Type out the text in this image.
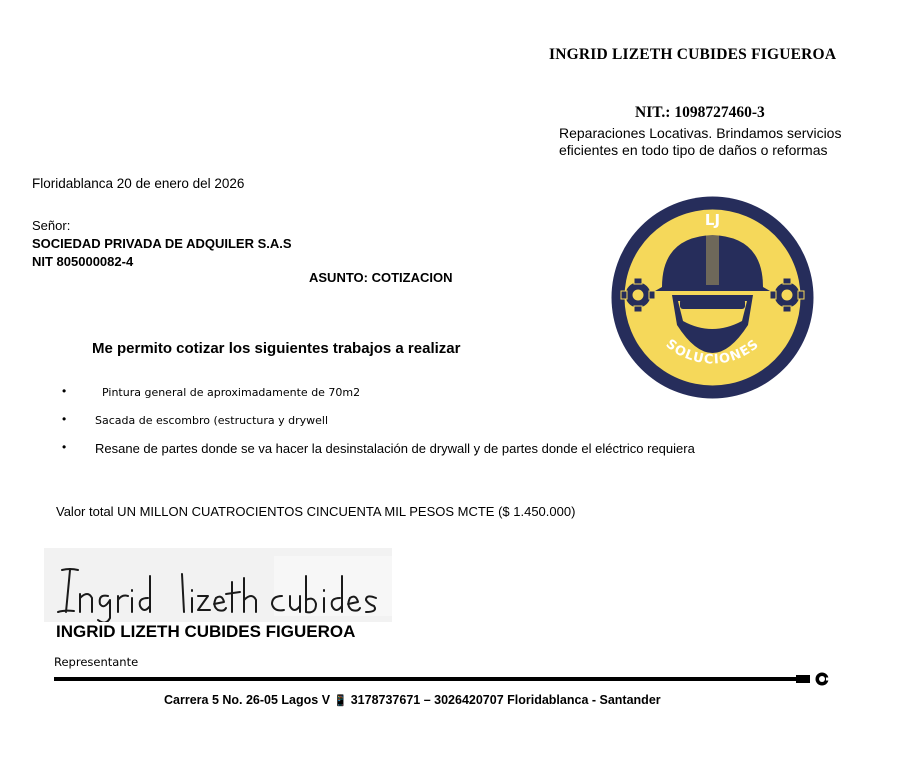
INGRID LIZETH CUBIDES FIGUEROA
NIT.: 1098727460-3
Reparaciones Locativas. Brindamos servicios eficientes en todo tipo de daños o reformas
LJ
SOLUCIONES
Floridablanca 20 de enero del 2026
Señor:
SOCIEDAD PRIVADA DE ADQUILER S.A.S
NIT 805000082-4
ASUNTO: COTIZACION
Me permito cotizar los siguientes trabajos a realizar
•
•
•
Pintura general de aproximadamente de 70m2
Sacada de escombro (estructura y drywell
Resane de partes donde se va hacer la desinstalación de drywall y de partes donde el eléctrico requiera
Valor total UN MILLON CUATROCIENTOS CINCUENTA MIL PESOS MCTE ($ 1.450.000)
INGRID LIZETH CUBIDES FIGUEROA
Representante
Carrera 5 No. 26-05 Lagos V 📱 3178737671 – 3026420707 Floridablanca - Santander
